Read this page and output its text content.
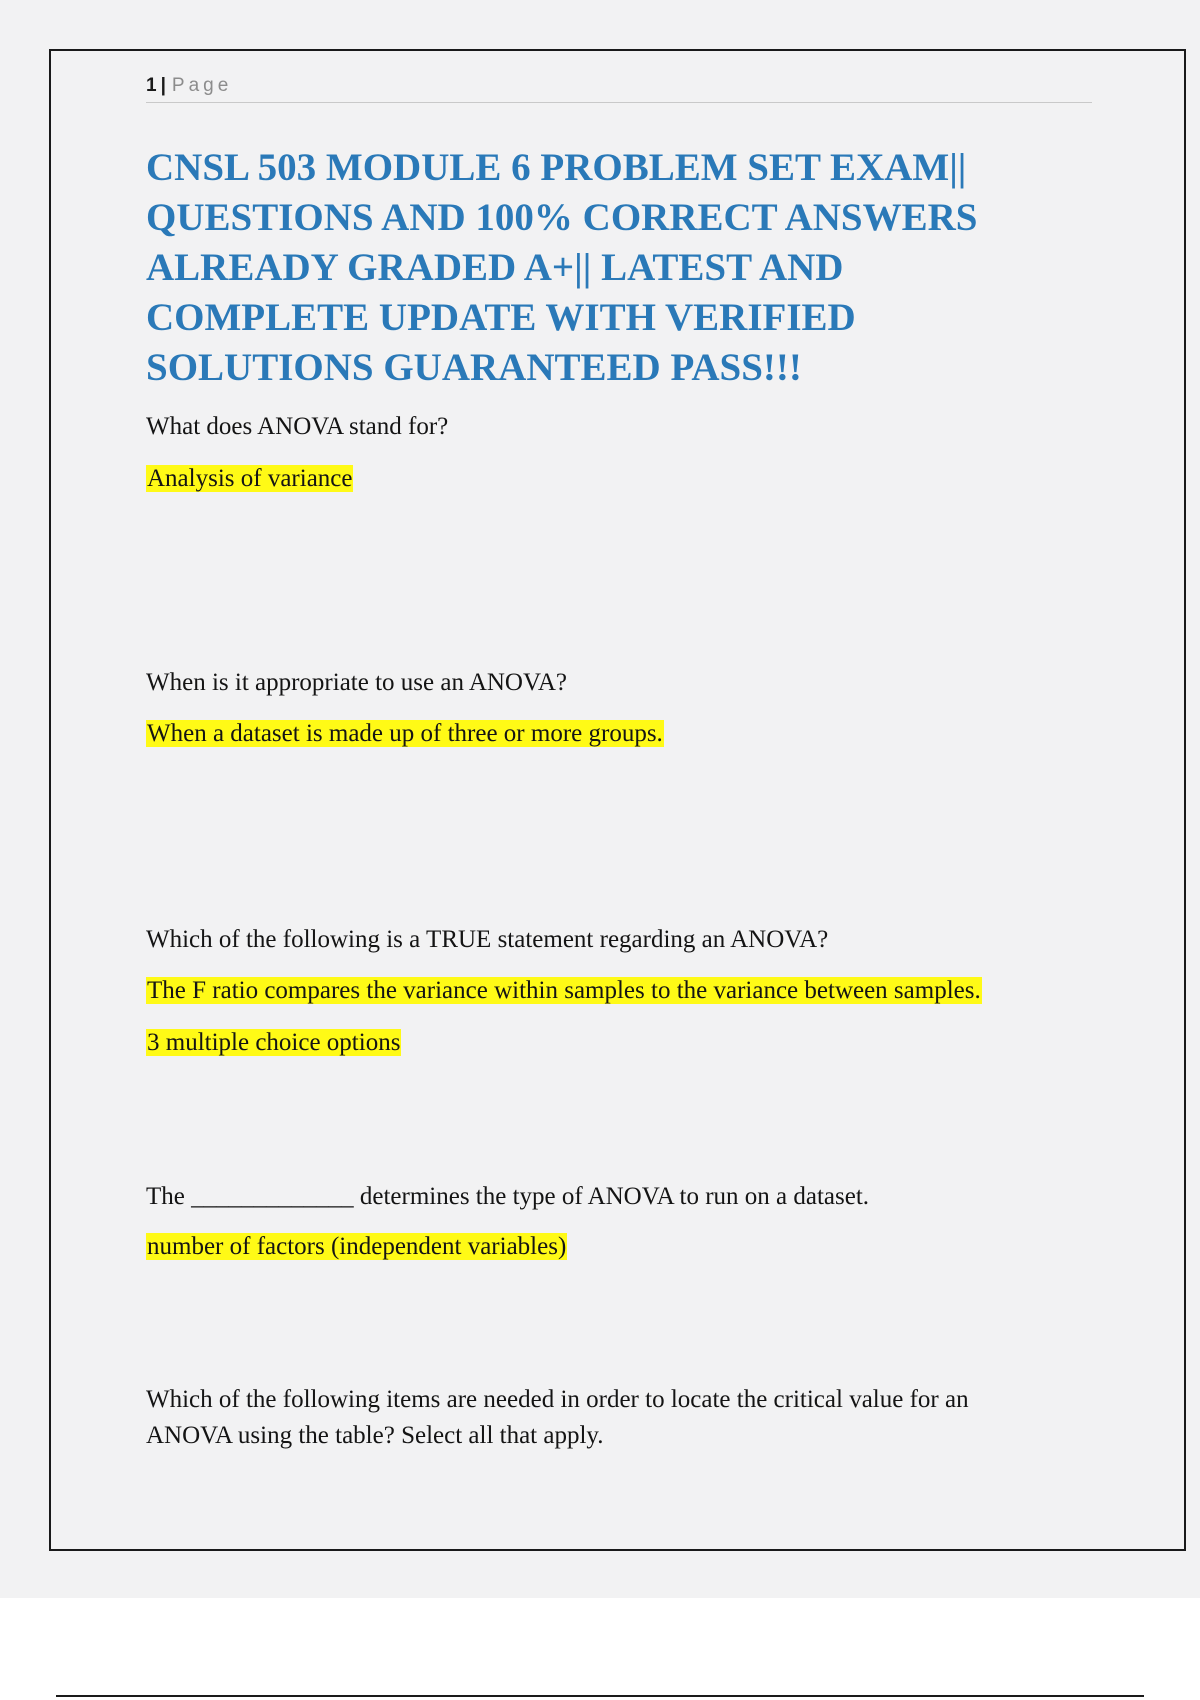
1 | Page
CNSL 503 MODULE 6 PROBLEM SET EXAM||
QUESTIONS AND 100% CORRECT ANSWERS
ALREADY GRADED A+|| LATEST AND
COMPLETE UPDATE WITH VERIFIED
SOLUTIONS GUARANTEED PASS!!!

What does ANOVA stand for?

Analysis of variance

When is it appropriate to use an ANOVA?

When a dataset is made up of three or more groups.

Which of the following is a TRUE statement regarding an ANOVA?

The F ratio compares the variance within samples to the variance between samples.

3 multiple choice options

The _____________ determines the type of ANOVA to run on a dataset.

number of factors (independent variables)

Which of the following items are needed in order to locate the critical value for an

ANOVA using the table? Select all that apply.
